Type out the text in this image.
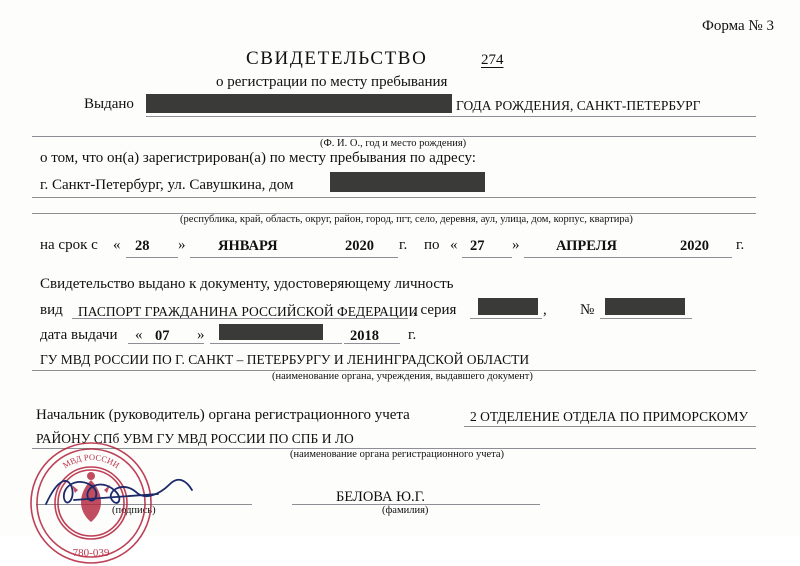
Форма № 3
СВИДЕТЕЛЬСТВО	274
о регистрации по месту пребывания
Выдано	ГОДА РОЖДЕНИЯ, САНКТ-ПЕТЕРБУРГ
(Ф. И. О., год и место рождения)
о том, что он(а) зарегистрирован(а) по месту пребывания по адресу:
г. Санкт-Петербург, ул. Савушкина, дом
(республика, край, область, округ, район, город, пгт, село, деревня, аул, улица, дом, корпус, квартира)
на срок с « 28 » ЯНВАРЯ	2020 г. по « 27 »	АПРЕЛЯ	2020 г.
Свидетельство выдано к документу, удостоверяющему личность
вид ПАСПОРТ ГРАЖДАНИНА РОССИЙСКОЙ ФЕДЕРАЦИИ
, серия	, №
дата выдачи « 07 »	2018 г.
ГУ МВД РОССИИ ПО Г. САНКТ – ПЕТЕРБУРГУ И ЛЕНИНГРАДСКОЙ ОБЛАСТИ
(наименование органа, учреждения, выдавшего документ)
Начальник (руководитель) органа регистрационного учета	2 ОТДЕЛЕНИЕ ОТДЕЛА ПО ПРИМОРСКОМУ
РАЙОНУ СПб УВМ ГУ МВД РОССИИ ПО СПБ И ЛО
(наименование органа регистрационного учета)
(подпись)
БЕЛОВА Ю.Г.
(фамилия)
МВД РОССИИ
780-039
